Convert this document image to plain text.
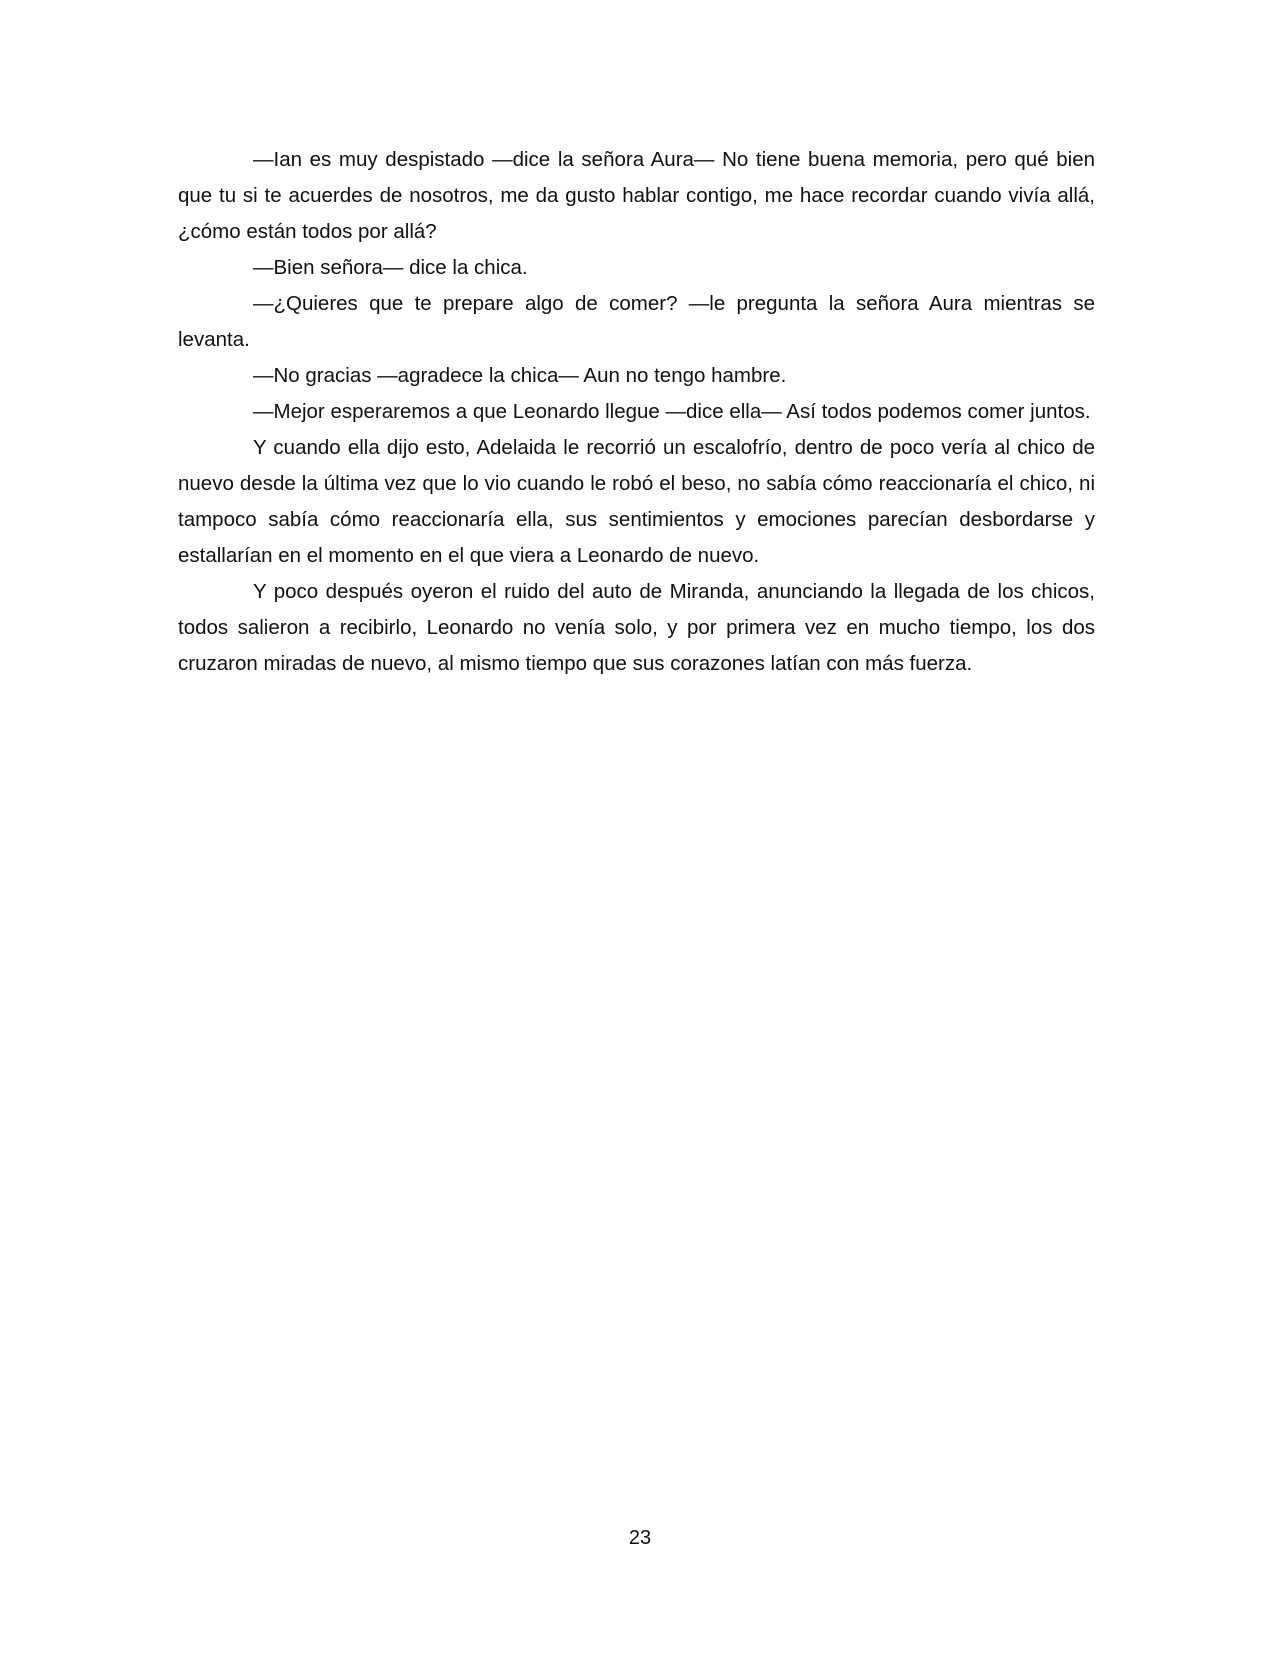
—Ian es muy despistado —dice la señora Aura— No tiene buena memoria, pero qué bien que tu si te acuerdes de nosotros, me da gusto hablar contigo, me hace recordar cuando vivía allá, ¿cómo están todos por allá?

—Bien señora— dice la chica.

—¿Quieres que te prepare algo de comer? —le pregunta la señora Aura mientras se levanta.

—No gracias —agradece la chica— Aun no tengo hambre.

—Mejor esperaremos a que Leonardo llegue —dice ella— Así todos podemos comer juntos.

Y cuando ella dijo esto, Adelaida le recorrió un escalofrío, dentro de poco vería al chico de nuevo desde la última vez que lo vio cuando le robó el beso, no sabía cómo reaccionaría el chico, ni tampoco sabía cómo reaccionaría ella, sus sentimientos y emociones parecían desbordarse y estallarían en el momento en el que viera a Leonardo de nuevo.

Y poco después oyeron el ruido del auto de Miranda, anunciando la llegada de los chicos, todos salieron a recibirlo, Leonardo no venía solo, y por primera vez en mucho tiempo, los dos cruzaron miradas de nuevo, al mismo tiempo que sus corazones latían con más fuerza.

23
